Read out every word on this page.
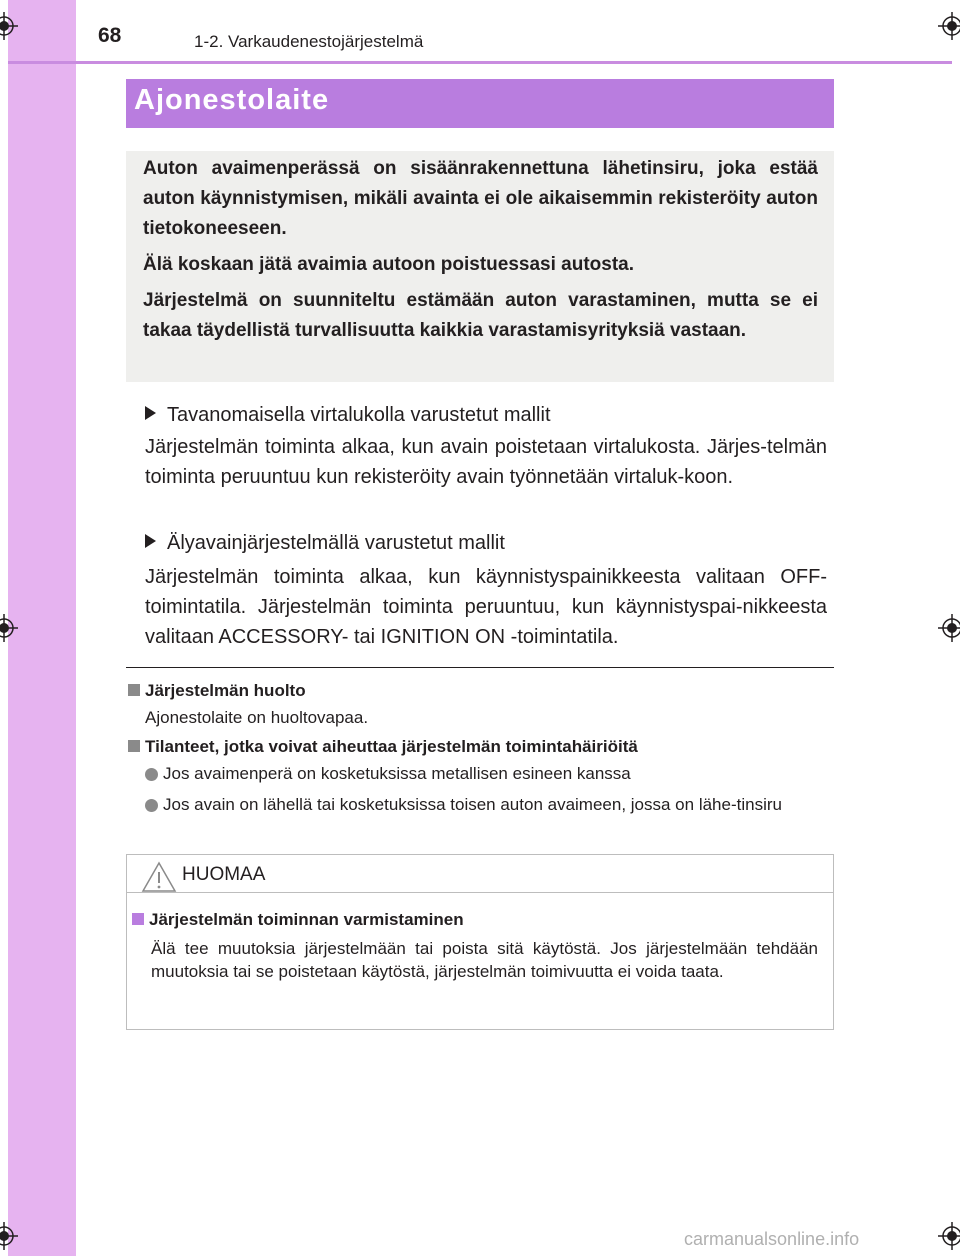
68	1-2. Varkaudenestojärjestelmä
Ajonestolaite

Auton avaimenperässä on sisäänrakennettuna lähetinsiru, joka estää auton käynnistymisen, mikäli avainta ei ole aikaisemmin rekisteröity auton tietokoneeseen.

Älä koskaan jätä avaimia autoon poistuessasi autosta.

Järjestelmä on suunniteltu estämään auton varastaminen, mutta se ei takaa täydellistä turvallisuutta kaikkia varastamisyrityksiä vastaan.

Tavanomaisella virtalukolla varustetut mallit

Järjestelmän toiminta alkaa, kun avain poistetaan virtalukosta. Järjes-telmän toiminta peruuntuu kun rekisteröity avain työnnetään virtaluk-koon.

Älyavainjärjestelmällä varustetut mallit

Järjestelmän toiminta alkaa, kun käynnistyspainikkeesta valitaan OFF-toimintatila. Järjestelmän toiminta peruuntuu, kun käynnistyspai-nikkeesta valitaan ACCESSORY- tai IGNITION ON -toimintatila.

Järjestelmän huolto
Ajonestolaite on huoltovapaa.
Tilanteet, jotka voivat aiheuttaa järjestelmän toimintahäiriöitä

Jos avaimenperä on kosketuksissa metallisen esineen kanssa

Jos avain on lähellä tai kosketuksissa toisen auton avaimeen, jossa on lähe-tinsiru

HUOMAA
Järjestelmän toiminnan varmistaminen

Älä tee muutoksia järjestelmään tai poista sitä käytöstä. Jos järjestelmään tehdään muutoksia tai se poistetaan käytöstä, järjestelmän toimivuutta ei voida taata.

carmanualsonline.info
